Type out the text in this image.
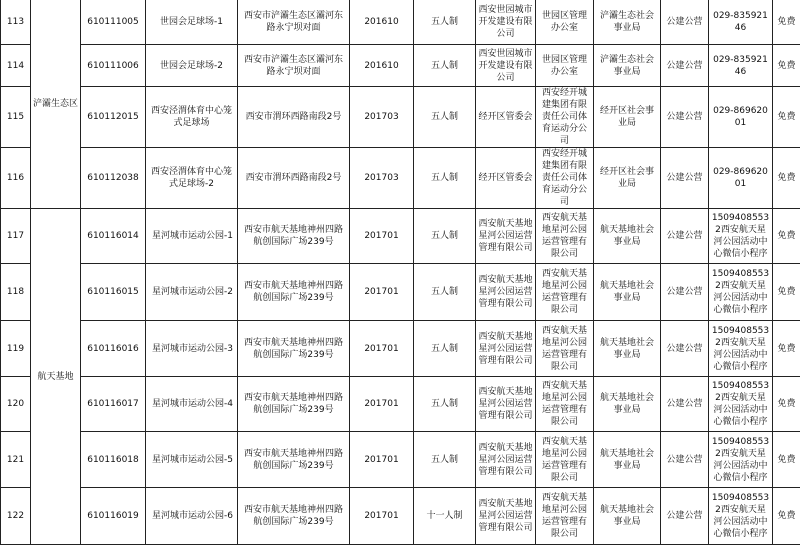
113	浐灞生态区	610111005	世园会足球场-1	西安市浐灞生态区灞河东路永宁坝对面	201610	五人制	西安世园城市开发建设有限公司	世园区管理办公室	浐灞生态社会事业局	公建公营	029-83592146	免费
114		610111006	世园会足球场-2	西安市浐灞生态区灞河东路永宁坝对面	201610	五人制	西安世园城市开发建设有限公司	世园区管理办公室	浐灞生态社会事业局	公建公营	029-83592146	免费
115		610112015	西安泾渭体育中心笼式足球场	西安市渭环西路南段2号	201703	五人制	经开区管委会	西安经开城建集团有限责任公司体育运动分公司	经开区社会事业局	公建公营	029-86962001	免费
116		610112038	西安泾渭体育中心笼式足球场-2	西安市渭环西路南段2号	201703	五人制	经开区管委会	西安经开城建集团有限责任公司体育运动分公司	经开区社会事业局	公建公营	029-86962001	免费
117	航天基地	610116014	星河城市运动公园-1	西安市航天基地神州四路航创国际广场239号	201701	五人制	西安航天基地星河公园运营管理有限公司	西安航天基地星河公园运营管理有限公司	航天基地社会事业局	公建公营	15094085532西安航天星河公园活动中心微信小程序	免费
118		610116015	星河城市运动公园-2	西安市航天基地神州四路航创国际广场239号	201701	五人制	西安航天基地星河公园运营管理有限公司	西安航天基地星河公园运营管理有限公司	航天基地社会事业局	公建公营	15094085532西安航天星河公园活动中心微信小程序	免费
119		610116016	星河城市运动公园-3	西安市航天基地神州四路航创国际广场239号	201701	五人制	西安航天基地星河公园运营管理有限公司	西安航天基地星河公园运营管理有限公司	航天基地社会事业局	公建公营	15094085532西安航天星河公园活动中心微信小程序	免费
120		610116017	星河城市运动公园-4	西安市航天基地神州四路航创国际广场239号	201701	五人制	西安航天基地星河公园运营管理有限公司	西安航天基地星河公园运营管理有限公司	航天基地社会事业局	公建公营	15094085532西安航天星河公园活动中心微信小程序	免费
121		610116018	星河城市运动公园-5	西安市航天基地神州四路航创国际广场239号	201701	五人制	西安航天基地星河公园运营管理有限公司	西安航天基地星河公园运营管理有限公司	航天基地社会事业局	公建公营	15094085532西安航天星河公园活动中心微信小程序	免费
122		610116019	星河城市运动公园-6	西安市航天基地神州四路航创国际广场239号	201701	十一人制	西安航天基地星河公园运营管理有限公司	西安航天基地星河公园运营管理有限公司	航天基地社会事业局	公建公营	15094085532西安航天星河公园活动中心微信小程序	免费
